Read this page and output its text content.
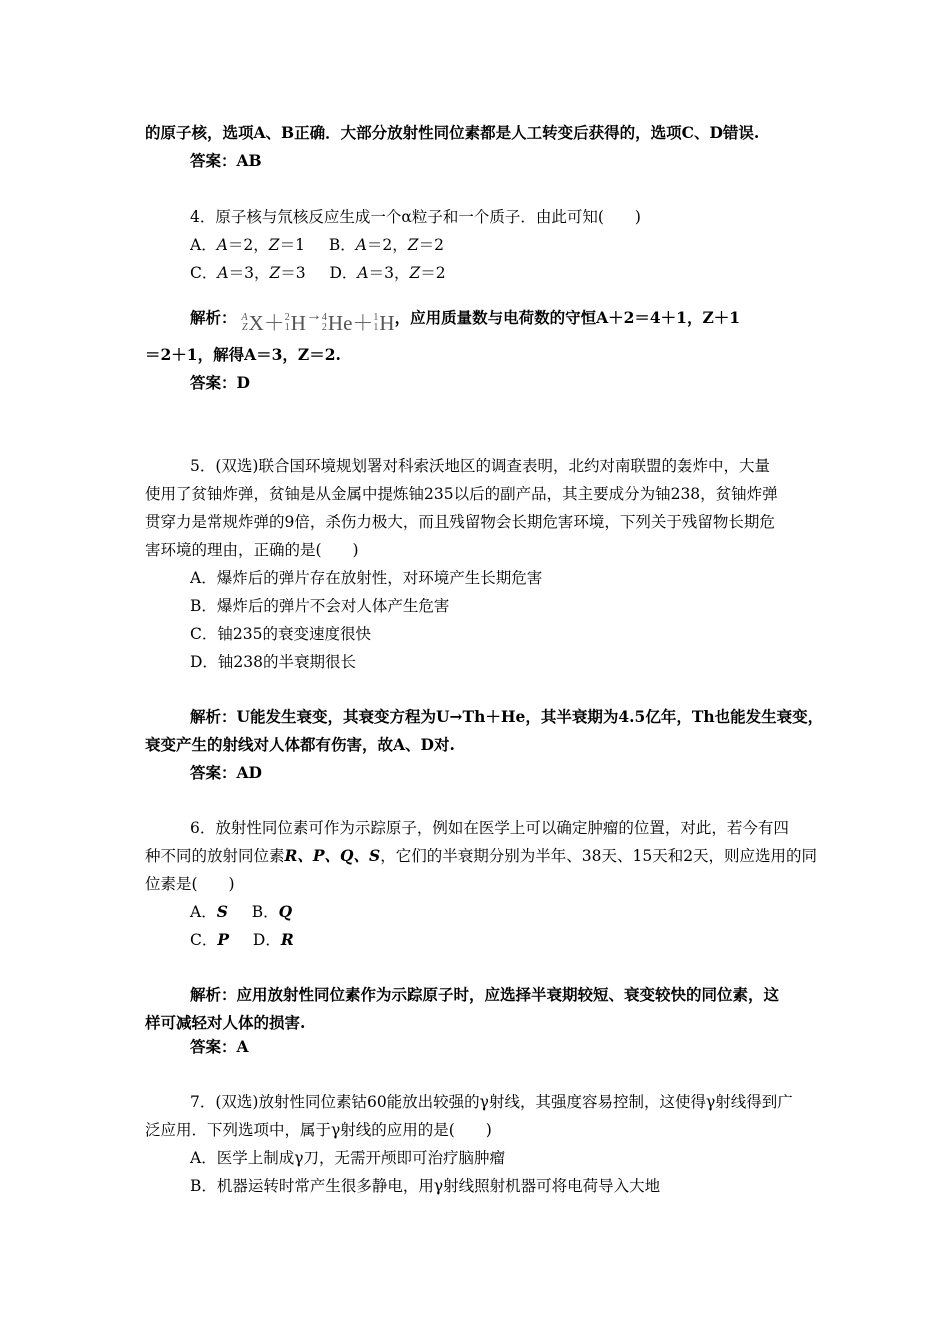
的原子核，选项A、B正确．大部分放射性同位素都是人工转变后获得的，选项C、D错误.
答案：AB
4．原子核与氘核反应生成一个α粒子和一个质子．由此可知(　　)
A．A＝2，Z＝1 B．A＝2，Z＝2
C．A＝3，Z＝3 D．A＝3，Z＝2
解析： A
Z X＋ 2
1 H → 4
2 He＋ 1
1 H ，应用质量数与电荷数的守恒A＋2＝4＋1，Z＋1
＝2＋1，解得A＝3，Z＝2.
答案：D
5．(双选)联合国环境规划署对科索沃地区的调查表明，北约对南联盟的轰炸中，大量
使用了贫铀炸弹，贫铀是从金属中提炼铀235以后的副产品，其主要成分为铀238，贫铀炸弹
贯穿力是常规炸弹的9倍，杀伤力极大，而且残留物会长期危害环境，下列关于残留物长期危
害环境的理由，正确的是(　　)
A．爆炸后的弹片存在放射性，对环境产生长期危害
B．爆炸后的弹片不会对人体产生危害
C．铀235的衰变速度很快
D．铀238的半衰期很长
解析：U能发生衰变，其衰变方程为U→Th＋He，其半衰期为4.5亿年，Th也能发生衰变，
衰变产生的射线对人体都有伤害，故A、D对.
答案：AD
6．放射性同位素可作为示踪原子，例如在医学上可以确定肿瘤的位置，对此，若今有四
种不同的放射同位素R、P、Q、S，它们的半衰期分别为半年、38天、15天和2天，则应选用的同
位素是(　　)
A．S B．Q
C．P D．R
解析：应用放射性同位素作为示踪原子时，应选择半衰期较短、衰变较快的同位素，这
样可减轻对人体的损害.
答案：A
7．(双选)放射性同位素钴60能放出较强的γ射线，其强度容易控制，这使得γ射线得到广
泛应用．下列选项中，属于γ射线的应用的是(　　)
A．医学上制成γ刀，无需开颅即可治疗脑肿瘤
B．机器运转时常产生很多静电，用γ射线照射机器可将电荷导入大地
